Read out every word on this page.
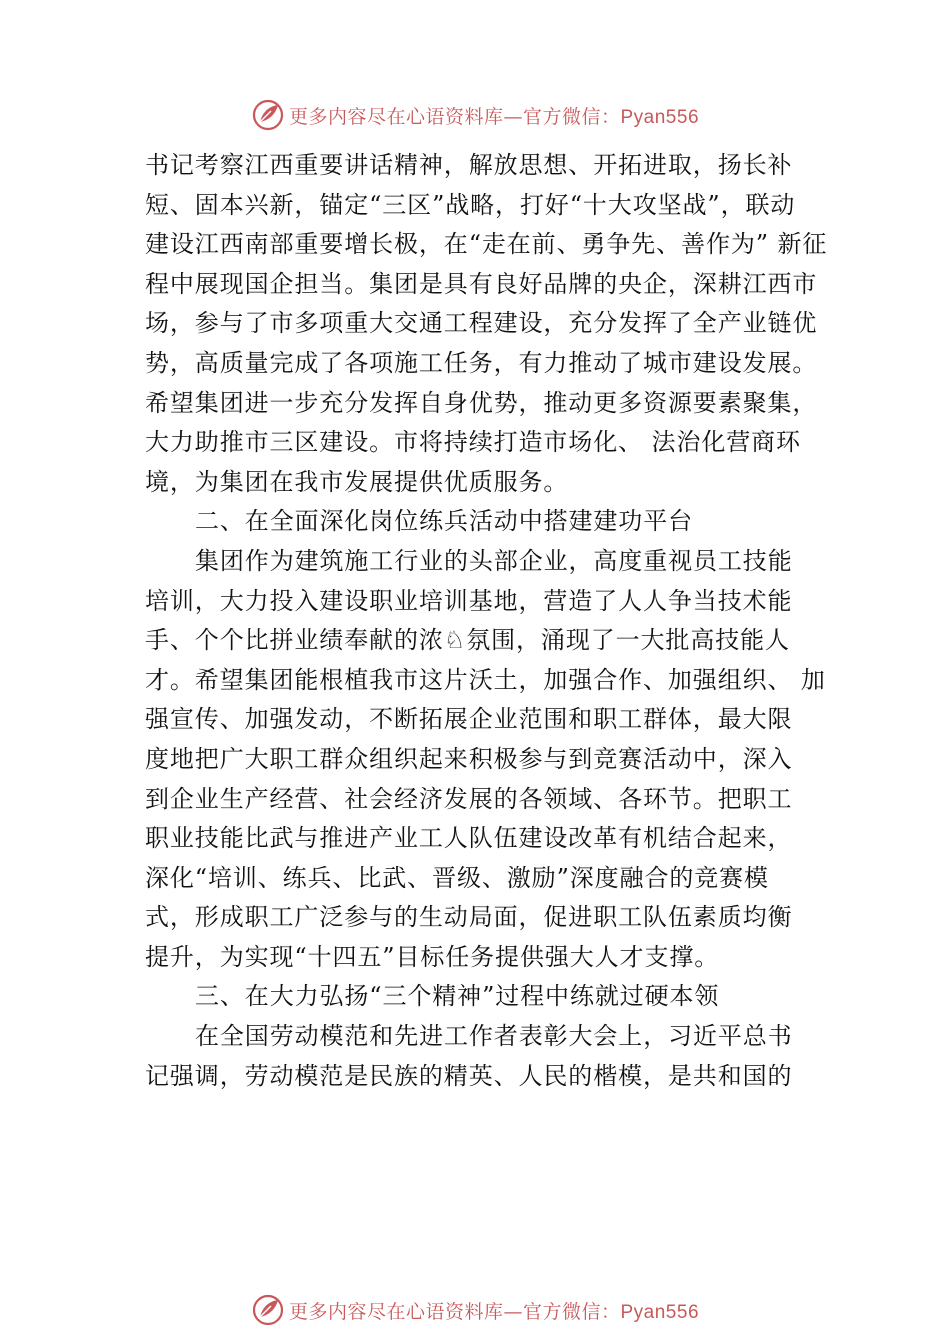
更多内容尽在心语资料库—官方微信：Pyan556
书记考察江西重要讲话精神，解放思想、开拓进取，扬长补
短、固本兴新，锚定“三区”战略，打好“十大攻坚战”，联动
建设江西南部重要增长极，在“走在前、勇争先、善作为” 新征
程中展现国企担当。集团是具有良好品牌的央企，深耕江西市
场，参与了市多项重大交通工程建设，充分发挥了全产业链优
势，高质量完成了各项施工任务，有力推动了城市建设发展。
希望集团进一步充分发挥自身优势，推动更多资源要素聚集，
大力助推市三区建设。市将持续打造市场化、 法治化营商环
境，为集团在我市发展提供优质服务。
二、在全面深化岗位练兵活动中搭建建功平台
集团作为建筑施工行业的头部企业，高度重视员工技能
培训，大力投入建设职业培训基地，营造了人人争当技术能
手、个个比拼业绩奉献的浓♘氛围，涌现了一大批高技能人
才。希望集团能根植我市这片沃土，加强合作、加强组织、 加
强宣传、加强发动，不断拓展企业范围和职工群体，最大限
度地把广大职工群众组织起来积极参与到竞赛活动中，深入
到企业生产经营、社会经济发展的各领域、各环节。把职工
职业技能比武与推进产业工人队伍建设改革有机结合起来，
深化“培训、练兵、比武、晋级、激励”深度融合的竞赛模
式，形成职工广泛参与的生动局面，促进职工队伍素质均衡
提升，为实现“十四五”目标任务提供强大人才支撑。
三、在大力弘扬“三个精神”过程中练就过硬本领
在全国劳动模范和先进工作者表彰大会上，习近平总书
记强调，劳动模范是民族的精英、人民的楷模，是共和国的
更多内容尽在心语资料库—官方微信：Pyan556
